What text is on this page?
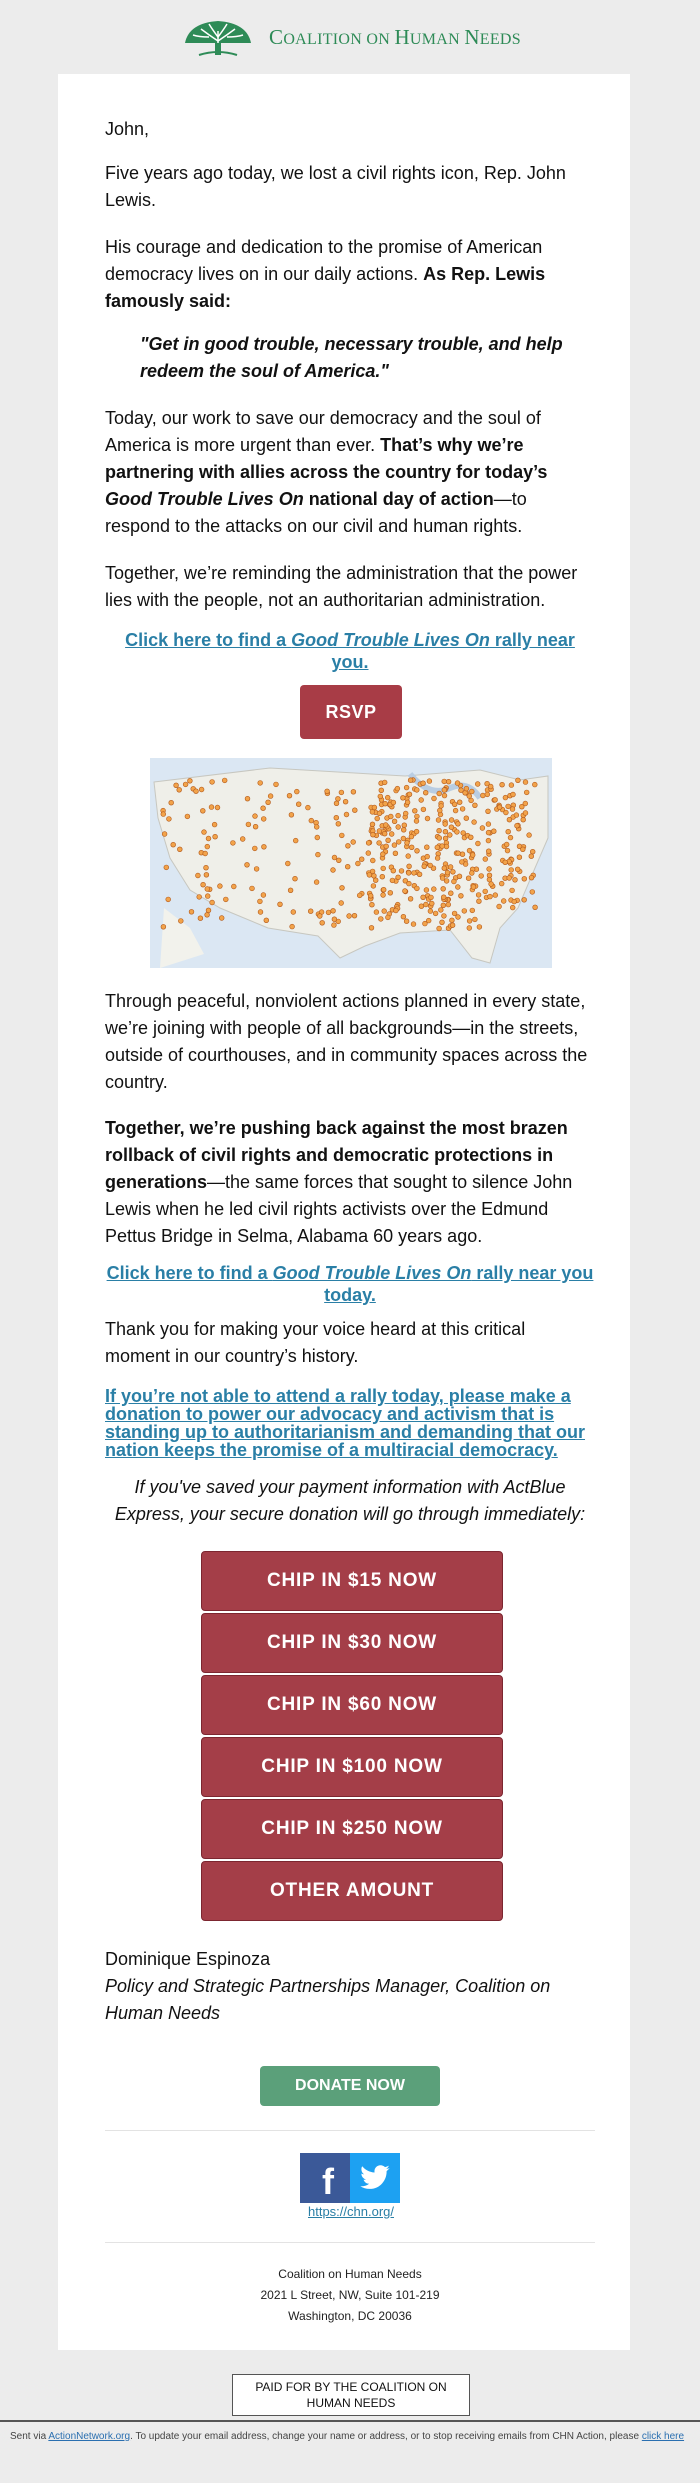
COALITION ON HUMAN NEEDS

John,

Five years ago today, we lost a civil rights icon, Rep. John Lewis.

His courage and dedication to the promise of American democracy lives on in our daily actions. As Rep. Lewis famously said:

"Get in good trouble, necessary trouble, and help redeem the soul of America."

Today, our work to save our democracy and the soul of America is more urgent than ever. That’s why we’re partnering with allies across the country for today’s Good Trouble Lives On national day of action—to respond to the attacks on our civil and human rights.

Together, we’re reminding the administration that the power lies with the people, not an authoritarian administration.

Click here to find a Good Trouble Lives On rally near you.
RSVP

Through peaceful, nonviolent actions planned in every state, we’re joining with people of all backgrounds—in the streets, outside of courthouses, and in community spaces across the country.

Together, we’re pushing back against the most brazen rollback of civil rights and democratic protections in generations—the same forces that sought to silence John Lewis when he led civil rights activists over the Edmund Pettus Bridge in Selma, Alabama 60 years ago.

Click here to find a Good Trouble Lives On rally near you today.

Thank you for making your voice heard at this critical moment in our country’s history.

If you’re not able to attend a rally today, please make a donation to power our advocacy and activism that is standing up to authoritarianism and demanding that our nation keeps the promise of a multiracial democracy.

If you've saved your payment information with ActBlue Express, your secure donation will go through immediately:

CHIP IN $15 NOW
CHIP IN $30 NOW
CHIP IN $60 NOW
CHIP IN $100 NOW
CHIP IN $250 NOW
OTHER AMOUNT

Dominique Espinoza

Policy and Strategic Partnerships Manager, Coalition on Human Needs

DONATE NOW
f
https://chn.org/
Coalition on Human Needs
2021 L Street, NW, Suite 101-219
Washington, DC 20036
PAID FOR BY THE COALITION ON HUMAN NEEDS
Sent via ActionNetwork.org. To update your email address, change your name or address, or to stop receiving emails from CHN Action, please click here
